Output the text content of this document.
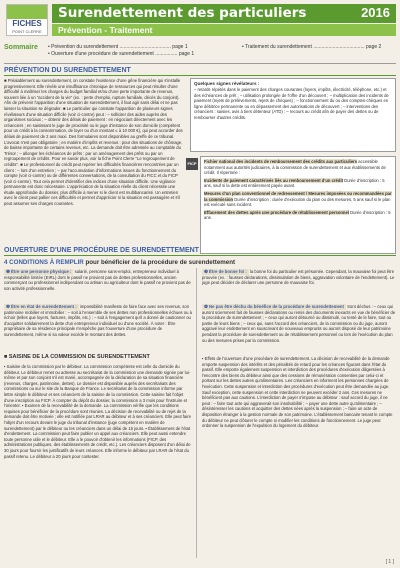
FICHES
POINT CLERRE
Surendettement des particuliers	2016
Prévention - Traitement
Sommaire • Prévention du surendettement ..................................... page 1
• Ouverture d'une procédure de surendettement ................ page 1
• Traitement du surendettement ..................................... page 2
PRÉVENTION DU SURENDETTEMENT
■ Préalablement au surendettement, on constate l'existence d'une gêne financière qui s'installe progressivement. Elle révèle une insuffisance chronique de ressources qui peut résulter d'une difficulté à maîtriser les charges du budget familial et/ou d'une perte importante de revenus, souvent liée à un "accident de la vie" (ex. : perte d'emploi, rupture familiale, décès du conjoint). Afin de prévenir l'apparition d'une situation de surendettement, il faut agir sans délai et ne pas laisser la situation se dégrader. ■ Le particulier qui constate l'apparition de plusieurs signes révélateurs d'une situation difficile (voir ci-contre) peut : – solliciter des aides auprès des organismes sociaux ; – obtenir des délais de paiement : en négociant directement avec les créanciers ; en saisissant le juge de proximité ou le juge d'instance de son domicile (compétent pour un crédit à la consommation, de loyer ou d'un montant ≤ à 10 000 €), qui peut accorder des délais de paiement de 2 ans maxi. Des formulaires sont disponibles au greffe de ce tribunal. L'avocat n'est pas obligatoire ; en matière d'impôts et revenus : pour des situations de chômage, de baisse importante de certains revenus, etc. La demande doit être adressée au comptable du Trésor ; – allonger les échéances de prêts : par un aménagement des prêts ou par un regroupement de crédits. Pour en savoir plus, voir la fiche Point Clerre "Le regroupement de crédits". ■ Le professionnel du crédit peut repérer les difficultés financières rencontrées par un client : – lors d'un entretien ; – par l'accumulation d'informations issues du fonctionnement du compte (voir ci-contre) ou de différentes conversations, de la consultation du FICC et du FICP (voir ci-contre). Tout cela permet d'identifier des indices d'une situation difficile. Une vigilance permanente est donc nécessaire. L'appréciation de la situation réelle du client nécessite une étude approfondie du dossier, plus difficile à mener si le client est multibancarisé. Un entretien avec le client peut pallier ces difficultés et permet d'apprécier si la situation est passagère et s'il peut assumer ses charges courantes.
Quelques signes révélateurs :
– retards répétés dans le paiement des charges courantes (loyers, impôts, électricité, téléphone, etc.) et des échéances de prêt ; – utilisation prolongée de l'offre d'un découvert ; – multiplication des incidents de paiement (rejets de prélèvements, rejets de chèques) ; – fonctionnement du ou des comptes-chèques en ligne débitrice permanente ou en dépassement des autorisations de découvert ; – interventions des créanciers : saisies, avis à tiers détenteur (ATD) ; – recours au crédit afin de payer des dettes ou de rembourser d'autres crédits.
FICP	Fichier national des incidents de remboursement des crédits aux particuliers accessible notamment aux autorités judiciaires, à la commission de surendettement et aux établissements de crédit. Il répertorie :
Incidents de paiement caractérisés liés au remboursement d'un crédit Durée d'inscription : 5 ans, sauf si la dette est entièrement payée avant.
Mesures d'un plan conventionnel de redressement / Mesures imposées ou recommandées par la commission Durée d'inscription : durée d'exécution du plan ou des mesures, 5 ans sauf si le plan est exécuté sans incident.
Effacement des dettes après une procédure de rétablissement personnel Durée d'inscription : 5 ans.
OUVERTURE D'UNE PROCÉDURE DE SURENDETTEMENT
4 CONDITIONS À REMPLIR pour bénéficier de la procédure de surendettement
❶ Être une personne physique : salarié, personne sans-emploi, entrepreneur individuel à responsabilité limitée (EIRL) dont le passif ne provient pas de dettes professionnelles, ancien commerçant ou professionnel indépendant ou artisan ou agriculteur dont le passif ne provient pas de son activité professionnelle.
❷ Être en état de surendettement : impossibilité manifeste de faire face avec ses revenus, son patrimoine mobilier et immobilier : – soit à l'ensemble de ses dettes non professionnelles échues ou à échoir (telles que loyers, factures, impôts, etc.) ; – soit à l'engagement qu'il a donné de cautionner ou d'acquitter solidairement la dette d'un entrepreneur individuel ou d'une société. À noter : Être propriétaire de sa résidence principale n'empêche pas l'ouverture d'une procédure de surendettement, même si sa valeur excède le montant des dettes.
❸ Être de bonne foi : la bonne foi du particulier est présumée. Cependant, la mauvaise foi peut être prouvée (ex. : fausses déclarations, dissimulation de biens, aggravation volontaire de l'endettement). Le juge peut décider de déclarer une personne de mauvaise foi.
❹ Ne pas être déchu du bénéfice de la procédure de surendettement Sont déchus : – ceux qui auront sciemment fait de fausses déclarations ou remis des documents inexacts en vue de bénéficier de la procédure de surendettement ; – ceux qui auront détourné ou dissimulé, ou tenté de le faire, tout ou partie de leurs biens ; – ceux qui, sans l'accord des créanciers, de la commission ou du juge, auront aggravé leur endettement en souscrivant de nouveaux emprunts ou auront disposé de leur patrimoine pendant la procédure de surendettement ou de rétablissement personnel ou lors de l'exécution du plan ou des mesures prises par la commission.
■ SAISINE DE LA COMMISSION DE SURENDETTEMENT
▪ Saisine de la commission par le débiteur. La commission compétente est celle du domicile du débiteur. Le débiteur remet ou adresse au secrétariat de la commission une demande signée par lui-même et par son conjoint s'il est marié, accompagnée de la déclaration de sa situation financière (revenus, charges, patrimoine, dettes). Le dossier est disponible auprès des secrétariats des commissions ou sur le site de la Banque de France. Le secrétariat de la commission informe par lettre simple le débiteur et ses créanciers de la saisine de la commission. Cette saisine fait l'objet d'une inscription au FICP. À compter du dépôt du dossier, la commission a 3 mois pour l'instruire et l'orienter. ▪ Examen de la recevabilité de la demande. La commission vérifie que les conditions requises pour bénéficier de la procédure sont réunies. La décision de recevabilité ou de rejet de la demande doit être motivée ; elle est notifiée par LRAR au débiteur et à ses créanciers. Elle peut faire l'objet d'un recours devant le juge du tribunal d'instance (juge compétent en matière de surendettement) par le débiteur ou les créanciers dans un délai de 15 jours. ▪ Établissement de l'état d'endettement. La commission peut faire publier un appel aux créanciers. Elle peut aussi entendre toute personne utile et le débiteur. Elle a le pouvoir d'obtenir les informations (FICP, des administrations publiques, des établissements de crédit, etc.). Les créanciers disposent d'un délai de 30 jours pour fournir les justificatifs de leurs créances. Elle informe le débiteur par LRAR de l'état du passif retenu. Le débiteur a 20 jours pour contester.
▪ Effets de l'ouverture d'une procédure de surendettement. La décision de recevabilité de la demande emporte suspension des intérêts et des pénalités de retard pour les créances figurant dans l'état du passif. Elle emporte également suspension et interdiction des procédures d'exécution diligentées à l'encontre des biens du débiteur ainsi que des cessions de rémunération consenties par celui-ci et portant sur les dettes autres qu'alimentaires. Les créanciers en informent les personnes chargées de l'exécution. Cette suspension et interdiction des procédures d'exécution peut être demandée au juge. Sauf exception, cette suspension et cette interdiction ne peuvent excéder 2 ans. Ces mesures ne bénéficient pas aux cautions. L'interdiction de payer s'impose au débiteur : sauf accord du juge, il ne peut : – faire tout acte qui aggraverait son insolvabilité ; – payer une dette autre qu'alimentaire ; – désintéresser les cautions et acquitter des dettes nées après la suspension ; – faire un acte de disposition étranger à la gestion normale de son patrimoine. L'établissement bancaire tenant le compte du débiteur ne peut clôturer le compte ni modifier les conditions de fonctionnement. Le juge peut ordonner la suspension de l'expulsion du logement du débiteur.
[ 1 ]
